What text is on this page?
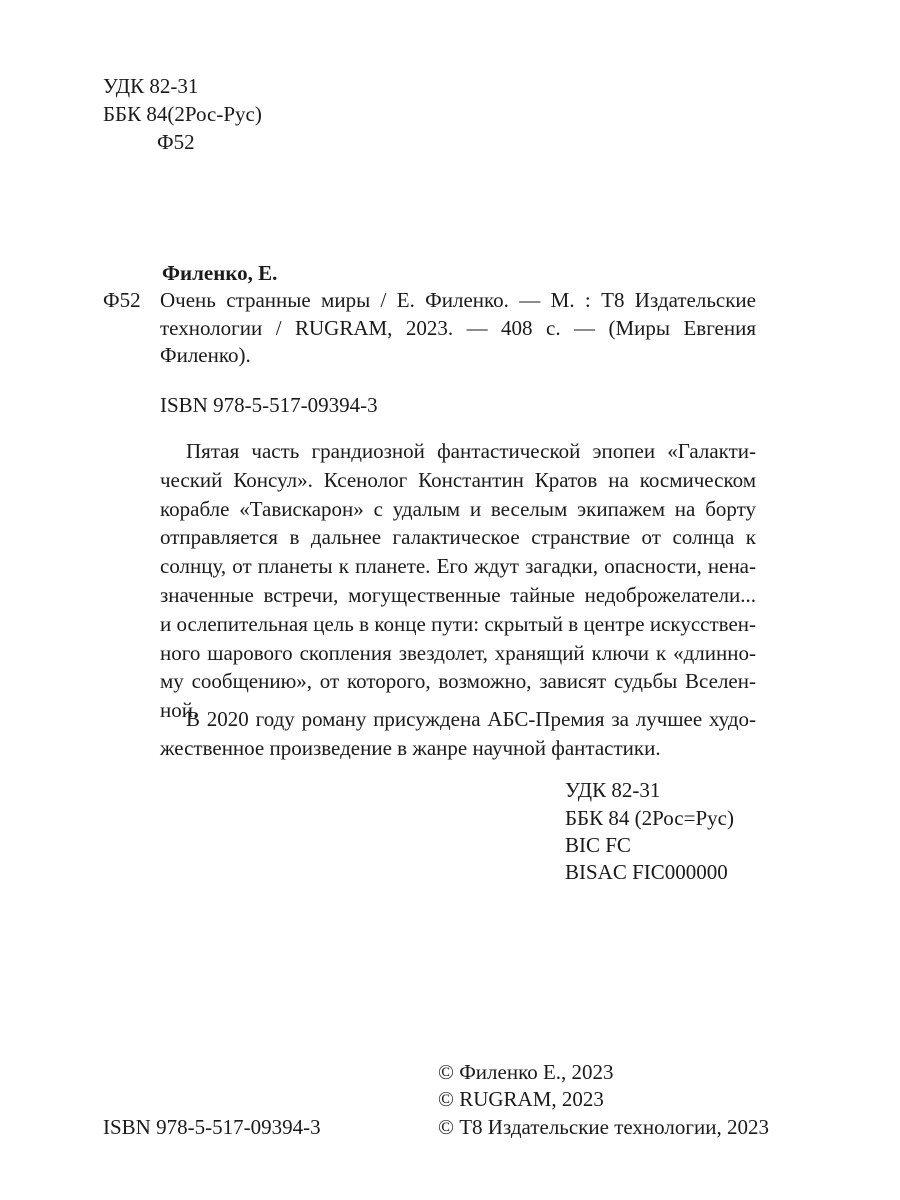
УДК 82-31
ББК 84(2Рос-Рус)
Ф52
Филенко, Е.
Ф52 Очень странные миры / Е. Филенко. — М. : Т8 Издательские
технологии / RUGRAM, 2023. — 408 с. — (Миры Евгения
Филенко).
ISBN 978-5-517-09394-3
Пятая часть грандиозной фантастической эпопеи «Галакти-
ческий Консул». Ксенолог Константин Кратов на космическом
корабле «Тавискарон» с удалым и веселым экипажем на борту
отправляется в дальнее галактическое странствие от солнца к
солнцу, от планеты к планете. Его ждут загадки, опасности, нена-
значенные встречи, могущественные тайные недоброжелатели...
и ослепительная цель в конце пути: скрытый в центре искусствен-
ного шарового скопления звездолет, хранящий ключи к «длинно-
му сообщению», от которого, возможно, зависят судьбы Вселен-
ной.
В 2020 году роману присуждена АБС-Премия за лучшее худо-
жественное произведение в жанре научной фантастики.
УДК 82-31
ББК 84 (2Рос=Рус)
BIC FC
BISAC FIC000000
ISBN 978-5-517-09394-3
© Филенко Е., 2023
© RUGRAM, 2023
© Т8 Издательские технологии, 2023
